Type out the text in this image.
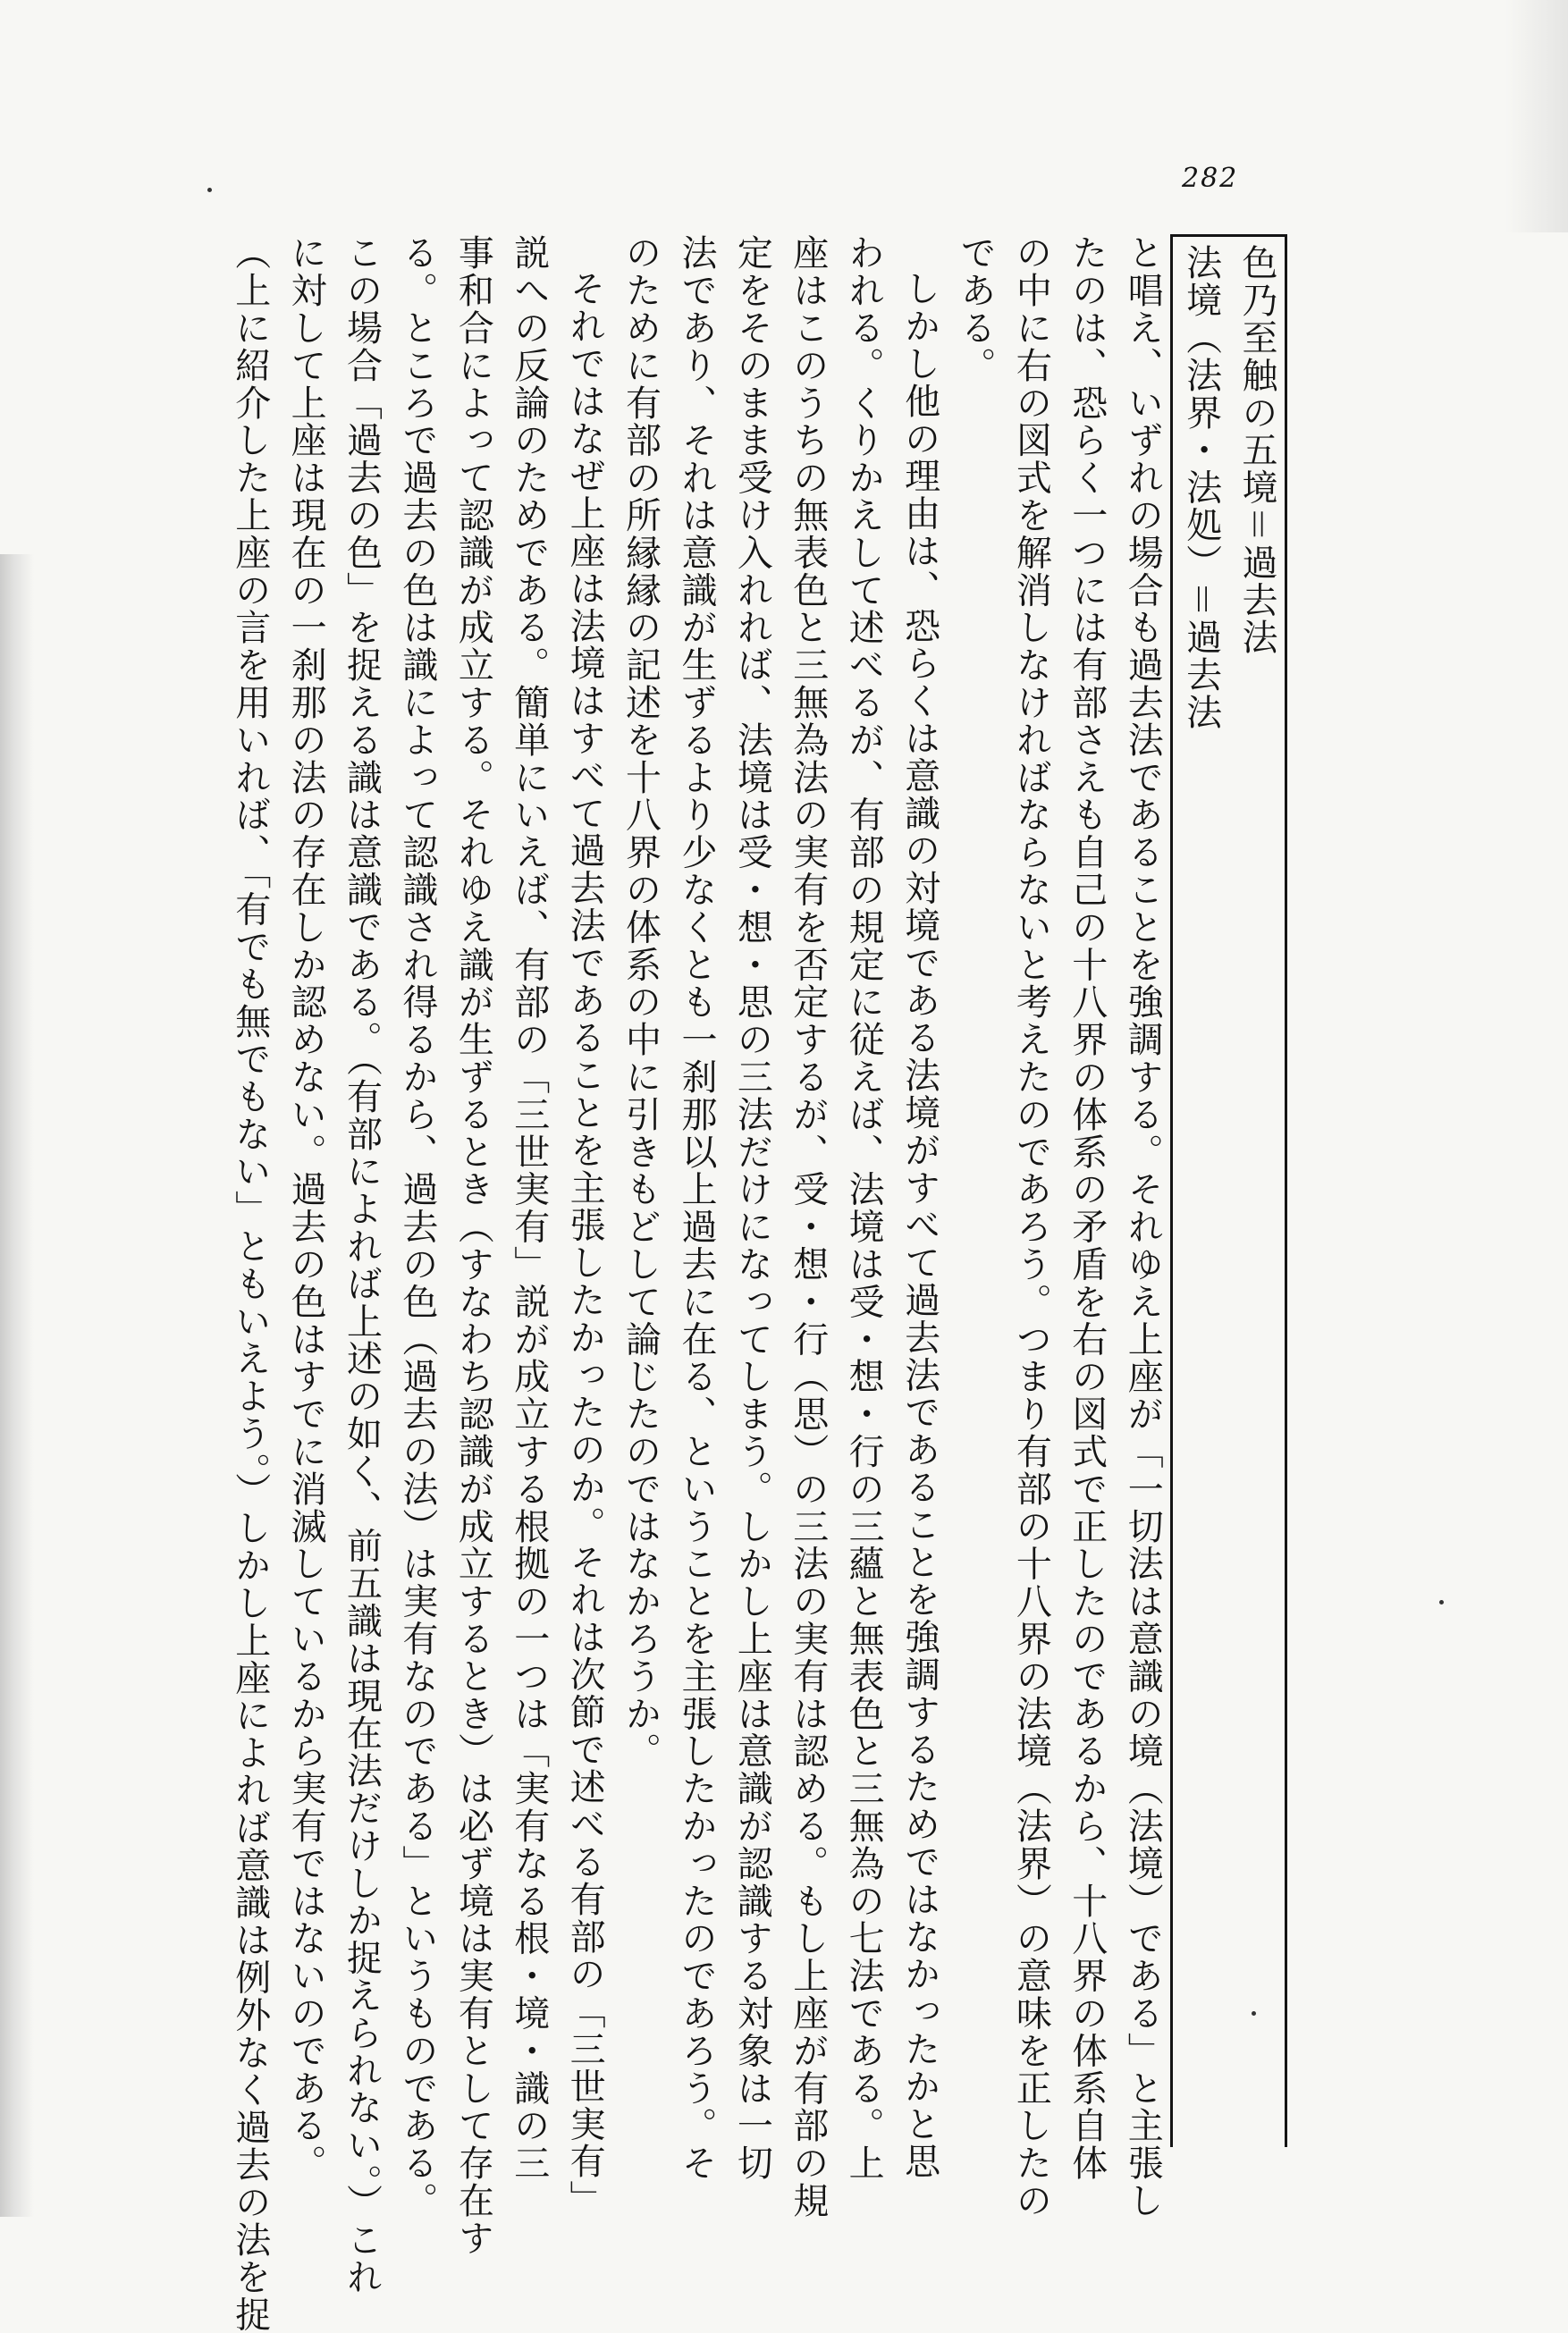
282
色乃至触の五境＝過去法
法境（法界・法処）＝過去法
と唱え、いずれの場合も過去法であることを強調する。それゆえ上座が「一切法は意識の境（法境）である」と主張し
たのは、恐らく一つには有部さえも自己の十八界の体系の矛盾を右の図式で正したのであるから、十八界の体系自体
の中に右の図式を解消しなければならないと考えたのであろう。つまり有部の十八界の法境（法界）の意味を正したの
である。
しかし他の理由は、恐らくは意識の対境である法境がすべて過去法であることを強調するためではなかったかと思
われる。くりかえして述べるが、有部の規定に従えば、法境は受・想・行の三蘊と無表色と三無為の七法である。上
座はこのうちの無表色と三無為法の実有を否定するが、受・想・行（思）の三法の実有は認める。もし上座が有部の規
定をそのまま受け入れれば、法境は受・想・思の三法だけになってしまう。しかし上座は意識が認識する対象は一切
法であり、それは意識が生ずるより少なくとも一刹那以上過去に在る、ということを主張したかったのであろう。そ
のために有部の所縁縁の記述を十八界の体系の中に引きもどして論じたのではなかろうか。
それではなぜ上座は法境はすべて過去法であることを主張したかったのか。それは次節で述べる有部の「三世実有」
説への反論のためである。簡単にいえば、有部の「三世実有」説が成立する根拠の一つは「実有なる根・境・識の三
事和合によって認識が成立する。それゆえ識が生ずるとき（すなわち認識が成立するとき）は必ず境は実有として存在す
る。ところで過去の色は識によって認識され得るから、過去の色（過去の法）は実有なのである」というものである。
この場合「過去の色」を捉える識は意識である。（有部によれば上述の如く、前五識は現在法だけしか捉えられない。）これ
に対して上座は現在の一刹那の法の存在しか認めない。過去の色はすでに消滅しているから実有ではないのである。
（上に紹介した上座の言を用いれば、「有でも無でもない」ともいえよう。）しかし上座によれば意識は例外なく過去の法を捉
